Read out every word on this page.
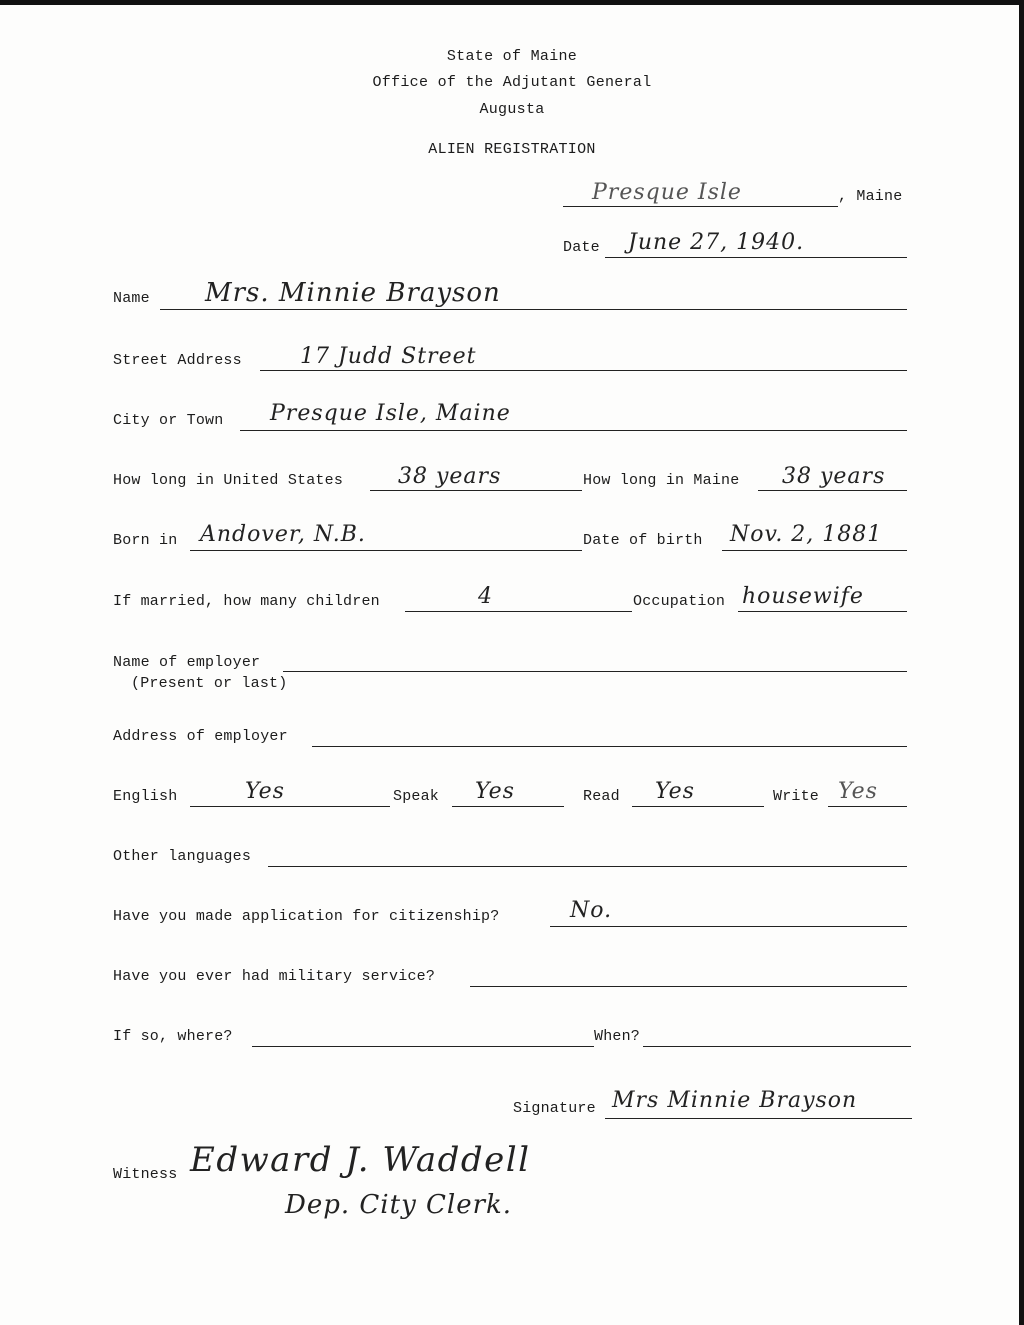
State of Maine
Office of the Adjutant General
Augusta
ALIEN REGISTRATION
Presque Isle	, Maine
Date June 27, 1940.
Name Mrs. Minnie Brayson
Street Address	17 Judd Street
City or Town Presque Isle, Maine
How long in United States 38 years	How long in Maine 38 years
Born in Andover, N.B.	Date of birth Nov. 2, 1881
If married, how many children	4	Occupation housewife
Name of employer
(Present or last)
Address of employer
English	Yes	Speak Yes	Read Yes	Write Yes
Other languages
Have you made application for citizenship?	No.
Have you ever had military service?
If so, where?	When?
Signature Mrs Minnie Brayson
Witness Edward J. Waddell
Dep. City Clerk.
